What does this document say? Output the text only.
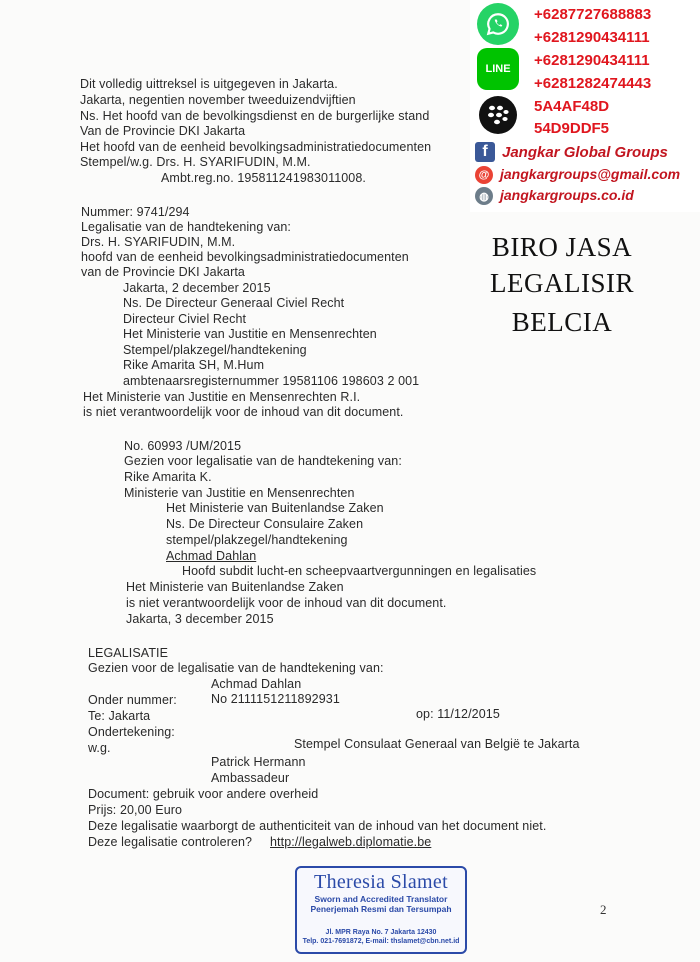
LINE
+6287727688883
+6281290434111
+6281290434111
+6281282474443
5A4AF48D
54D9DDF5
f Jangkar Global Groups
@ jangkargroups@gmail.com
◍ jangkargroups.co.id
BIRO JASA
LEGALISIR
BELCIA
Dit volledig uittreksel is uitgegeven in Jakarta.
Jakarta, negentien november tweeduizendvijftien
Ns. Het hoofd van de bevolkingsdienst en de burgerlijke stand
Van de Provincie DKI Jakarta
Het hoofd van de eenheid bevolkingsadministratiedocumenten
Stempel/w.g. Drs. H. SYARIFUDIN, M.M.
Ambt.reg.no. 195811241983011008.
Nummer: 9741/294
Legalisatie van de handtekening van:
Drs. H. SYARIFUDIN, M.M.
hoofd van de eenheid bevolkingsadministratiedocumenten
van de Provincie DKI Jakarta
Jakarta, 2 december 2015
Ns. De Directeur Generaal Civiel Recht
Directeur Civiel Recht
Het Ministerie van Justitie en Mensenrechten
Stempel/plakzegel/handtekening
Rike Amarita SH, M.Hum
ambtenaarsregisternummer 19581106 198603 2 001
Het Ministerie van Justitie en Mensenrechten R.I.
is niet verantwoordelijk voor de inhoud van dit document.
No. 60993 /UM/2015
Gezien voor legalisatie van de handtekening van:
Rike Amarita K.
Ministerie van Justitie en Mensenrechten
Het Ministerie van Buitenlandse Zaken
Ns. De Directeur Consulaire Zaken
stempel/plakzegel/handtekening
Achmad Dahlan
Hoofd subdit lucht-en scheepvaartvergunningen en legalisaties
Het Ministerie van Buitenlandse Zaken
is niet verantwoordelijk voor de inhoud van dit document.
Jakarta, 3 december 2015
LEGALISATIE
Gezien voor de legalisatie van de handtekening van:
Achmad Dahlan
Onder nummer:	No 2111151211892931
Te: Jakarta	op: 11/12/2015
Ondertekening:
w.g.	Stempel Consulaat Generaal van België te Jakarta
Patrick Hermann
Ambassadeur
Document: gebruik voor andere overheid
Prijs: 20,00 Euro
Deze legalisatie waarborgt de authenticiteit van de inhoud van het document niet.
Deze legalisatie controleren? http://legalweb.diplomatie.be
Theresia Slamet
Sworn and Accredited Translator
Penerjemah Resmi dan Tersumpah
Jl. MPR Raya No. 7 Jakarta 12430
Telp. 021-7691872, E-mail: thslamet@cbn.net.id
2
